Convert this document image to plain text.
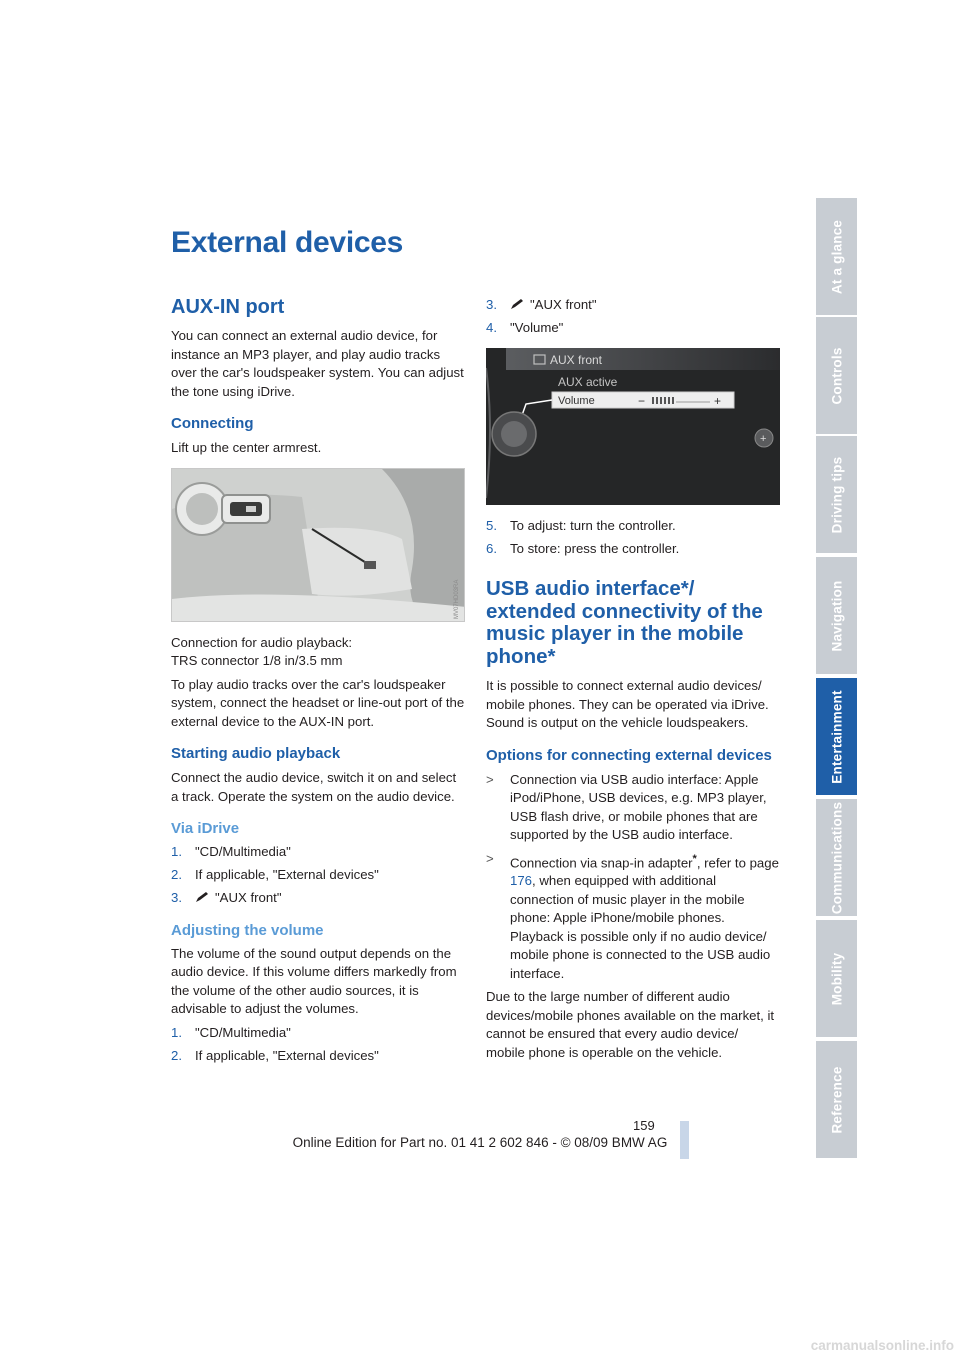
External devices
AUX-IN port

You can connect an external audio device, for instance an MP3 player, and play audio tracks over the car's loudspeaker system. You can adjust the tone using iDrive.

Connecting

Lift up the center armrest.

MV07HD03RA

Connection for audio playback:

TRS connector 1/8 in/3.5 mm

To play audio tracks over the car's loudspeaker system, connect the headset or line-out port of the external device to the AUX-IN port.

Starting audio playback

Connect the audio device, switch it on and select a track. Operate the system on the audio device.

Via iDrive
1. "CD/Multimedia"
2. If applicable, "External devices"
3.	"AUX front"
Adjusting the volume

The volume of the sound output depends on the audio device. If this volume differs markedly from the volume of the other audio sources, it is advisable to adjust the volumes.

1. "CD/Multimedia"
2. If applicable, "External devices"
3.	"AUX front"
4. "Volume"
AUX front
AUX active
Volume	−	+
+
5. To adjust: turn the controller.
6. To store: press the controller.
USB audio interface*/ extended connectivity of the music player in the mobile phone*

It is possible to connect external audio devices/ mobile phones. They can be operated via iDrive. Sound is output on the vehicle loudspeakers.

Options for connecting external devices
>	Connection via USB audio interface: Apple iPod/iPhone, USB devices, e.g. MP3 player, USB flash drive, or mobile phones that are supported by the USB audio interface.
>	Connection via snap-in adapter*, refer to page 176, when equipped with additional connection of music player in the mobile phone: Apple iPhone/mobile phones. Playback is possible only if no audio device/ mobile phone is connected to the USB audio interface.

Due to the large number of different audio devices/mobile phones available on the market, it cannot be ensured that every audio device/ mobile phone is operable on the vehicle.

At a glance
Controls
Driving tips
Navigation
Entertainment
Communications
Mobility
Reference
159
Online Edition for Part no. 01 41 2 602 846 - © 08/09 BMW AG
carmanualsonline.info
